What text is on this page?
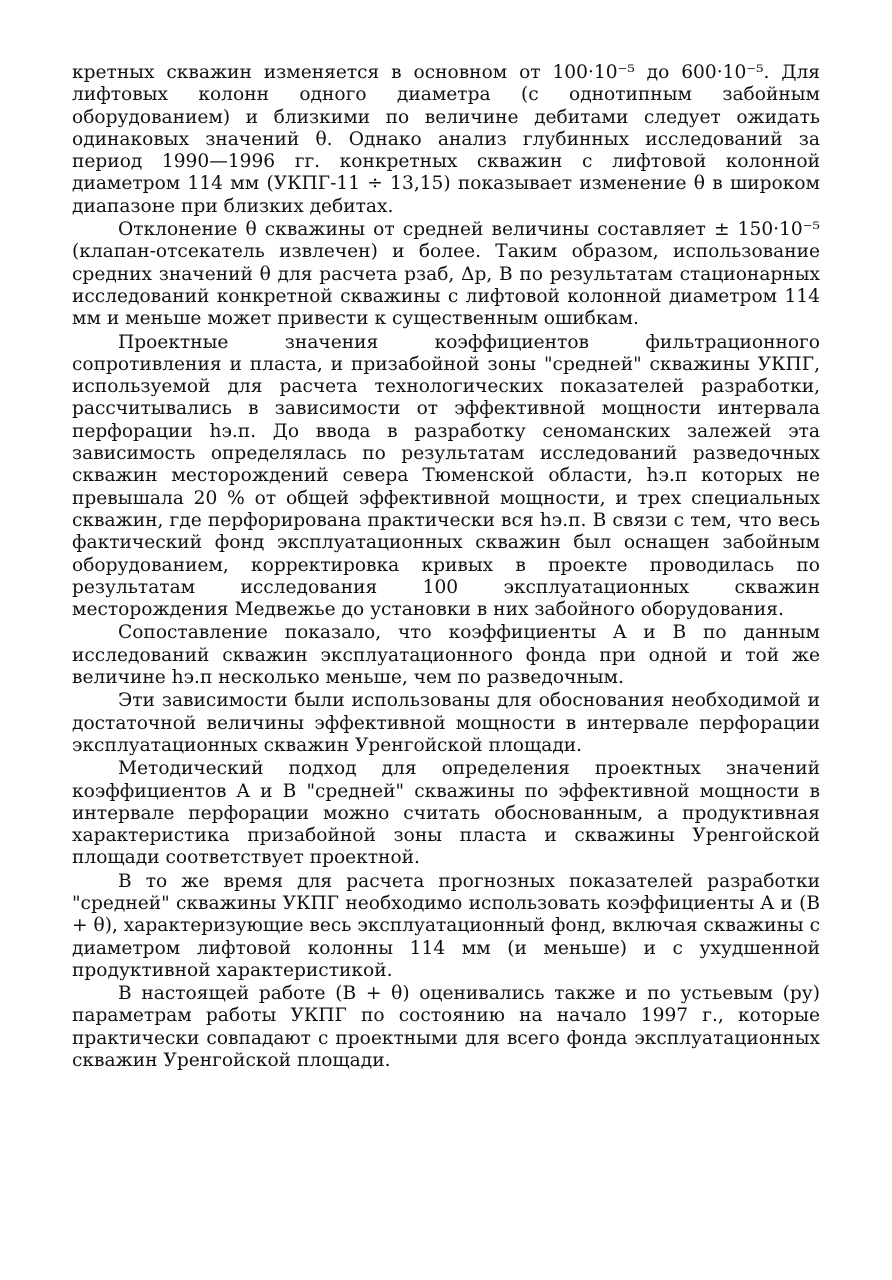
кретных скважин изменяется в основном от 100·10⁻⁵ до 600·10⁻⁵. Для лифтовых колонн одного диаметра (с однотипным забойным оборудованием) и близкими по величине дебитами следует ожидать одинаковых значений θ. Однако анализ глубинных исследований за период 1990—1996 гг. конкретных скважин с лифтовой колонной диаметром 114 мм (УКПГ-11 ÷ 13,15) показывает изменение θ в широком диапазоне при близких дебитах.

Отклонение θ скважины от средней величины составляет ± 150·10⁻⁵ (клапан-отсекатель извлечен) и более. Таким образом, использование средних значений θ для расчета pзаб, Δp, B по результатам стационарных исследований конкретной скважины с лифтовой колонной диаметром 114 мм и меньше может привести к существенным ошибкам.

Проектные значения коэффициентов фильтрационного сопротивления и пласта, и призабойной зоны "средней" скважины УКПГ, используемой для расчета технологических показателей разработки, рассчитывались в зависимости от эффективной мощности интервала перфорации hэ.п. До ввода в разработку сеноманских залежей эта зависимость определялась по результатам исследований разведочных скважин месторождений севера Тюменской области, hэ.п которых не превышала 20 % от общей эффективной мощности, и трех специальных скважин, где перфорирована практически вся hэ.п. В связи с тем, что весь фактический фонд эксплуатационных скважин был оснащен забойным оборудованием, корректировка кривых в проекте проводилась по результатам исследования 100 эксплуатационных скважин месторождения Медвежье до установки в них забойного оборудования.

Сопоставление показало, что коэффициенты A и B по данным исследований скважин эксплуатационного фонда при одной и той же величине hэ.п несколько меньше, чем по разведочным.

Эти зависимости были использованы для обоснования необходимой и достаточной величины эффективной мощности в интервале перфорации эксплуатационных скважин Уренгойской площади.

Методический подход для определения проектных значений коэффициентов A и B "средней" скважины по эффективной мощности в интервале перфорации можно считать обоснованным, а продуктивная характеристика призабойной зоны пласта и скважины Уренгойской площади соответствует проектной.

В то же время для расчета прогнозных показателей разработки "средней" скважины УКПГ необходимо использовать коэффициенты A и (B + θ), характеризующие весь эксплуатационный фонд, включая скважины с диаметром лифтовой колонны 114 мм (и меньше) и с ухудшенной продуктивной характеристикой.

В настоящей работе (B + θ) оценивались также и по устьевым (pу) параметрам работы УКПГ по состоянию на начало 1997 г., которые практически совпадают с проектными для всего фонда эксплуатационных скважин Уренгойской площади.
